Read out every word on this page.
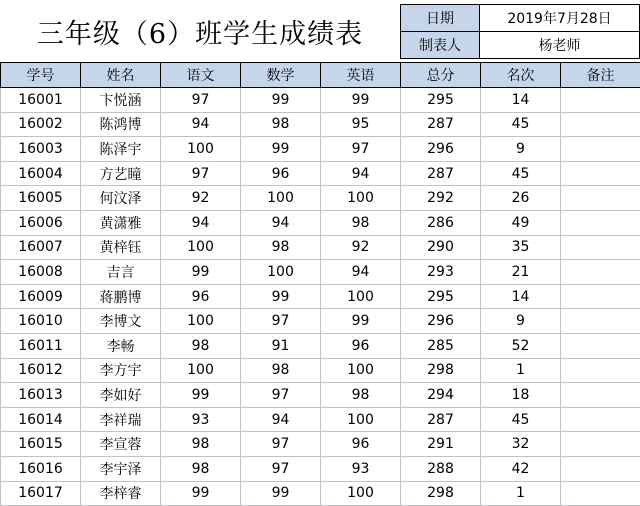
三年级（6）班学生成绩表	日期	2019年7月28日
制表人	杨老师
学号	姓名	语文	数学	英语	总分	名次	备注
16001	卞悦涵	97	99	99	295	14	
16002	陈鸿博	94	98	95	287	45	
16003	陈泽宇	100	99	97	296	9	
16004	方艺瞳	97	96	94	287	45	
16005	何汶泽	92	100	100	292	26	
16006	黄潇雅	94	94	98	286	49	
16007	黄梓钰	100	98	92	290	35	
16008	吉言	99	100	94	293	21	
16009	蒋鹏博	96	99	100	295	14	
16010	李博文	100	97	99	296	9	
16011	李畅	98	91	96	285	52	
16012	李方宇	100	98	100	298	1	
16013	李如好	99	97	98	294	18	
16014	李祥瑞	93	94	100	287	45	
16015	李宣蓉	98	97	96	291	32	
16016	李宇泽	98	97	93	288	42	
16017	李梓睿	99	99	100	298	1	
